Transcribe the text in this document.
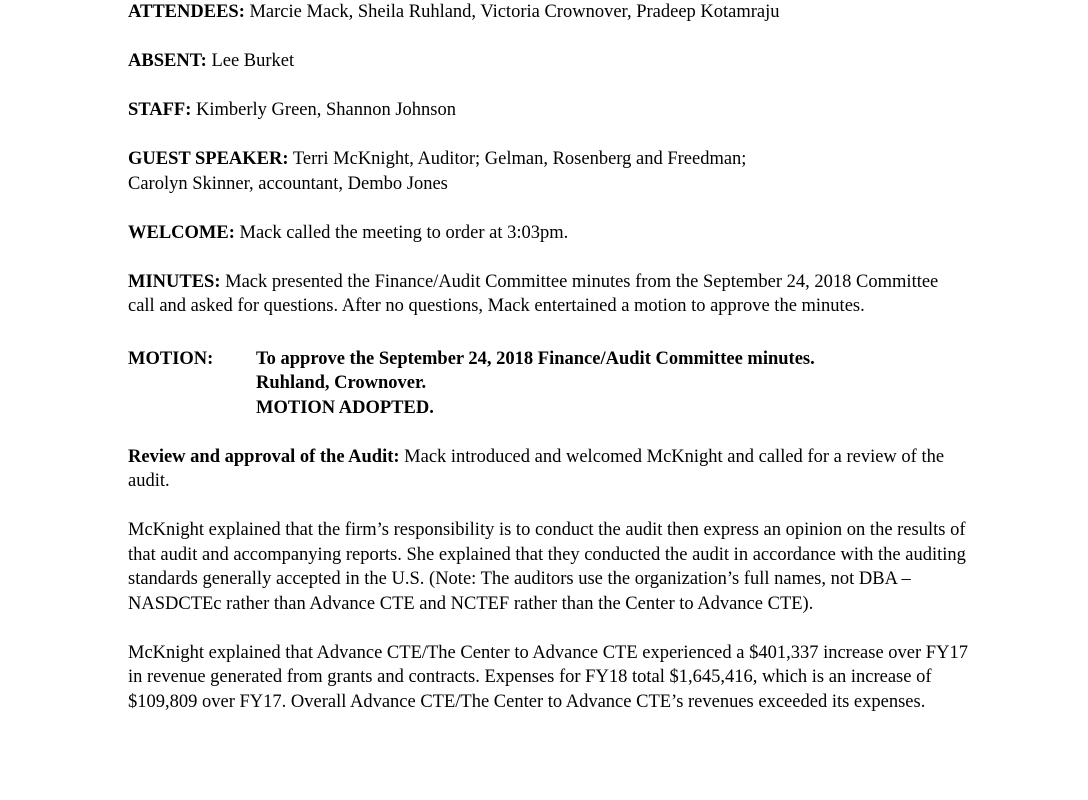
ATTENDEES: Marcie Mack, Sheila Ruhland, Victoria Crownover, Pradeep Kotamraju

ABSENT: Lee Burket

STAFF: Kimberly Green, Shannon Johnson

GUEST SPEAKER: Terri McKnight, Auditor; Gelman, Rosenberg and Freedman;
Carolyn Skinner, accountant, Dembo Jones

WELCOME: Mack called the meeting to order at 3:03pm.

MINUTES: Mack presented the Finance/Audit Committee minutes from the September 24, 2018 Committee call and asked for questions. After no questions, Mack entertained a motion to approve the minutes.

MOTION:	To approve the September 24, 2018 Finance/Audit Committee minutes.
Ruhland, Crownover.
MOTION ADOPTED.

Review and approval of the Audit: Mack introduced and welcomed McKnight and called for a review of the audit.

McKnight explained that the firm’s responsibility is to conduct the audit then express an opinion on the results of that audit and accompanying reports. She explained that they conducted the audit in accordance with the auditing standards generally accepted in the U.S. (Note: The auditors use the organization’s full names, not DBA – NASDCTEc rather than Advance CTE and NCTEF rather than the Center to Advance CTE).

McKnight explained that Advance CTE/The Center to Advance CTE experienced a $401,337 increase over FY17 in revenue generated from grants and contracts. Expenses for FY18 total $1,645,416, which is an increase of $109,809 over FY17. Overall Advance CTE/The Center to Advance CTE’s revenues exceeded its expenses.
